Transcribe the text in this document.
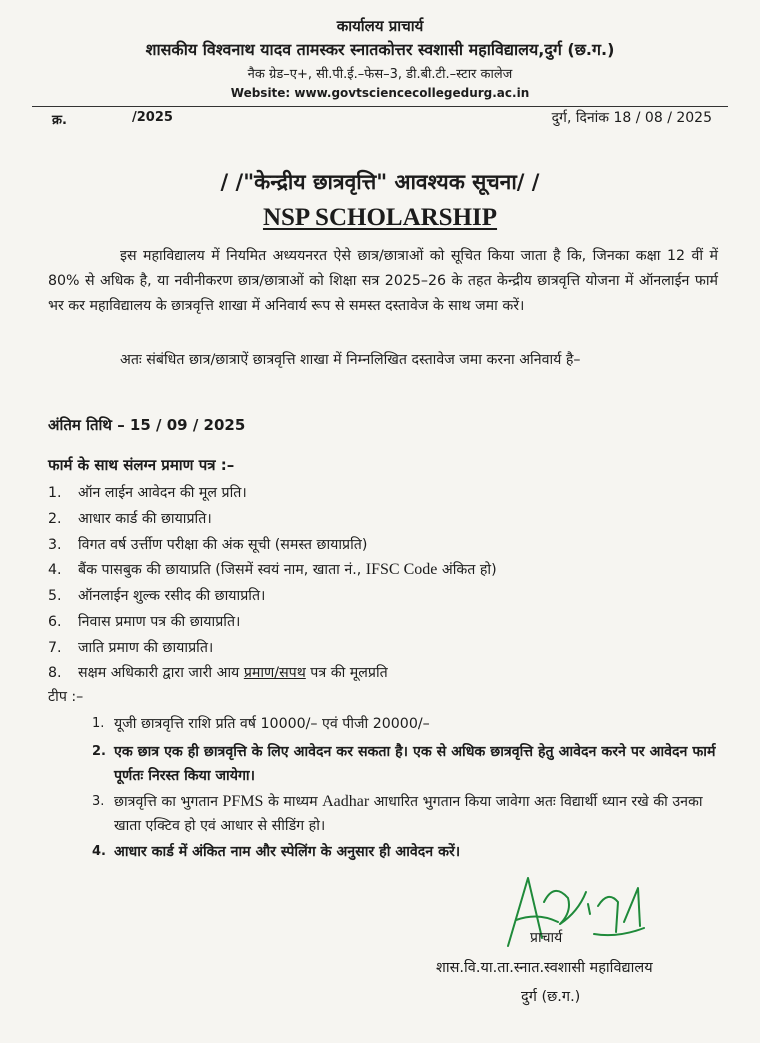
कार्यालय प्राचार्य
शासकीय विश्वनाथ यादव तामस्कर स्नातकोत्तर स्वशासी महाविद्यालय,दुर्ग (छ.ग.)
नैक ग्रेड–ए+, सी.पी.ई.–फेस–3, डी.बी.टी.–स्टार कालेज
Website: www.govtsciencecollegedurg.ac.in
क्र.	/2025	दुर्ग, दिनांक 18 / 08 / 2025
/ /"केन्द्रीय छात्रवृत्ति" आवश्यक सूचना/ /
NSP SCHOLARSHIP
इस महाविद्यालय में नियमित अध्ययनरत ऐसे छात्र/छात्राओं को सूचित किया जाता है कि, जिनका कक्षा 12 वीं में 80% से अधिक है, या नवीनीकरण छात्र/छात्राओं को शिक्षा सत्र 2025–26 के तहत केन्द्रीय छात्रवृत्ति योजना में ऑनलाईन फार्म भर कर महाविद्यालय के छात्रवृत्ति शाखा में अनिवार्य रूप से समस्त दस्तावेज के साथ जमा करें।
अतः संबंधित छात्र/छात्राऐं छात्रवृत्ति शाखा में निम्नलिखित दस्तावेज जमा करना अनिवार्य है–
अंतिम तिथि – 15 / 09 / 2025
फार्म के साथ संलग्न प्रमाण पत्र :–
1. ऑन लाईन आवेदन की मूल प्रति।
2. आधार कार्ड की छायाप्रति।
3. विगत वर्ष उर्त्तीण परीक्षा की अंक सूची (समस्त छायाप्रति)
4. बैंक पासबुक की छायाप्रति (जिसमें स्वयं नाम, खाता नं., IFSC Code अंकित हो)
5. ऑनलाईन शुल्क रसीद की छायाप्रति।
6. निवास प्रमाण पत्र की छायाप्रति।
7. जाति प्रमाण की छायाप्रति।
8. सक्षम अधिकारी द्वारा जारी आय प्रमाण/सपथ पत्र की मूलप्रति
टीप :–
1. यूजी छात्रवृत्ति राशि प्रति वर्ष 10000/– एवं पीजी 20000/–
2. एक छात्र एक ही छात्रवृत्ति के लिए आवेदन कर सकता है। एक से अधिक छात्रवृत्ति हेतु आवेदन करने पर आवेदन फार्म पूर्णतः निरस्त किया जायेगा।
3. छात्रवृत्ति का भुगतान PFMS के माध्यम Aadhar आधारित भुगतान किया जावेगा अतः विद्यार्थी ध्यान रखे की उनका खाता एक्टिव हो एवं आधार से सीडिंग हो।
4. आधार कार्ड में अंकित नाम और स्पेलिंग के अनुसार ही आवेदन करें।
प्राचार्य
शास.वि.या.ता.स्नात.स्वशासी महाविद्यालय
दुर्ग (छ.ग.)
